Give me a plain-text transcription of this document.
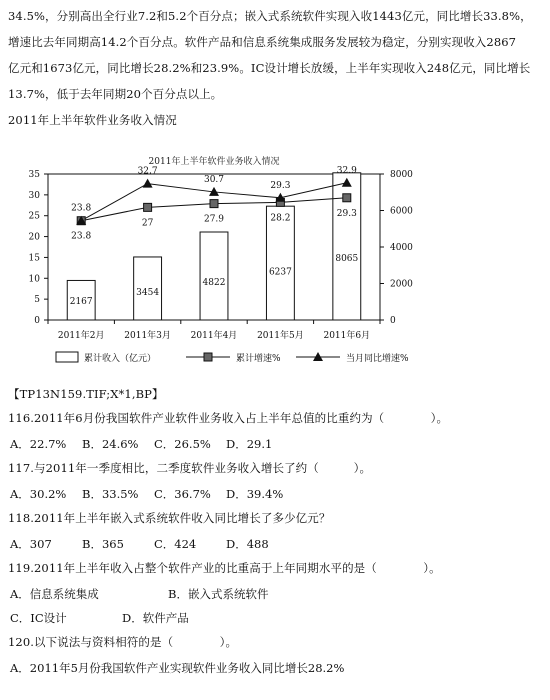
34.5%，分别高出全行业7.2和5.2个百分点；嵌入式系统软件实现入收1443亿元，同比增长33.8%，
增速比去年同期高14.2个百分点。软件产品和信息系统集成服务发展较为稳定，分别实现收入2867
亿元和1673亿元，同比增长28.2%和23.9%。IC设计增长放缓，上半年实现收入248亿元，同比增长
13.7%，低于去年同期20个百分点以上。
2011年上半年软件业务收入情况
2011年上半年软件业务收入情况
0
5
10
15
20
25
30
35
0
2000
4000
6000
8000
2011年2月 2011年3月 2011年4月 2011年5月 2011年6月
2167
3454
4822
6237
8065
23.8
32.7
30.7
29.3
32.9
23.8
27	27.9	28.2	29.3
累计收入（亿元）	累计增速%	当月同比增速%
【TP13N159.TIF;X*1,BP】
116.2011年6月份我国软件产业软件业务收入占上半年总值的比重约为（　　　　）。
A．22.7% B．24.6% C．26.5% D．29.1
117.与2011年一季度相比，二季度软件业务收入增长了约（　　　）。
A．30.2% B．33.5% C．36.7% D．39.4%
118.2011年上半年嵌入式系统软件收入同比增长了多少亿元？
A．307	B．365	C．424	D．488
119.2011年上半年收入占整个软件产业的比重高于上年同期水平的是（　　　　）。
A．信息系统集成	B．嵌入式系统软件
C．IC设计	D．软件产品
120.以下说法与资料相符的是（　　　　）。
A．2011年5月份我国软件产业实现软件业务收入同比增长28.2%
